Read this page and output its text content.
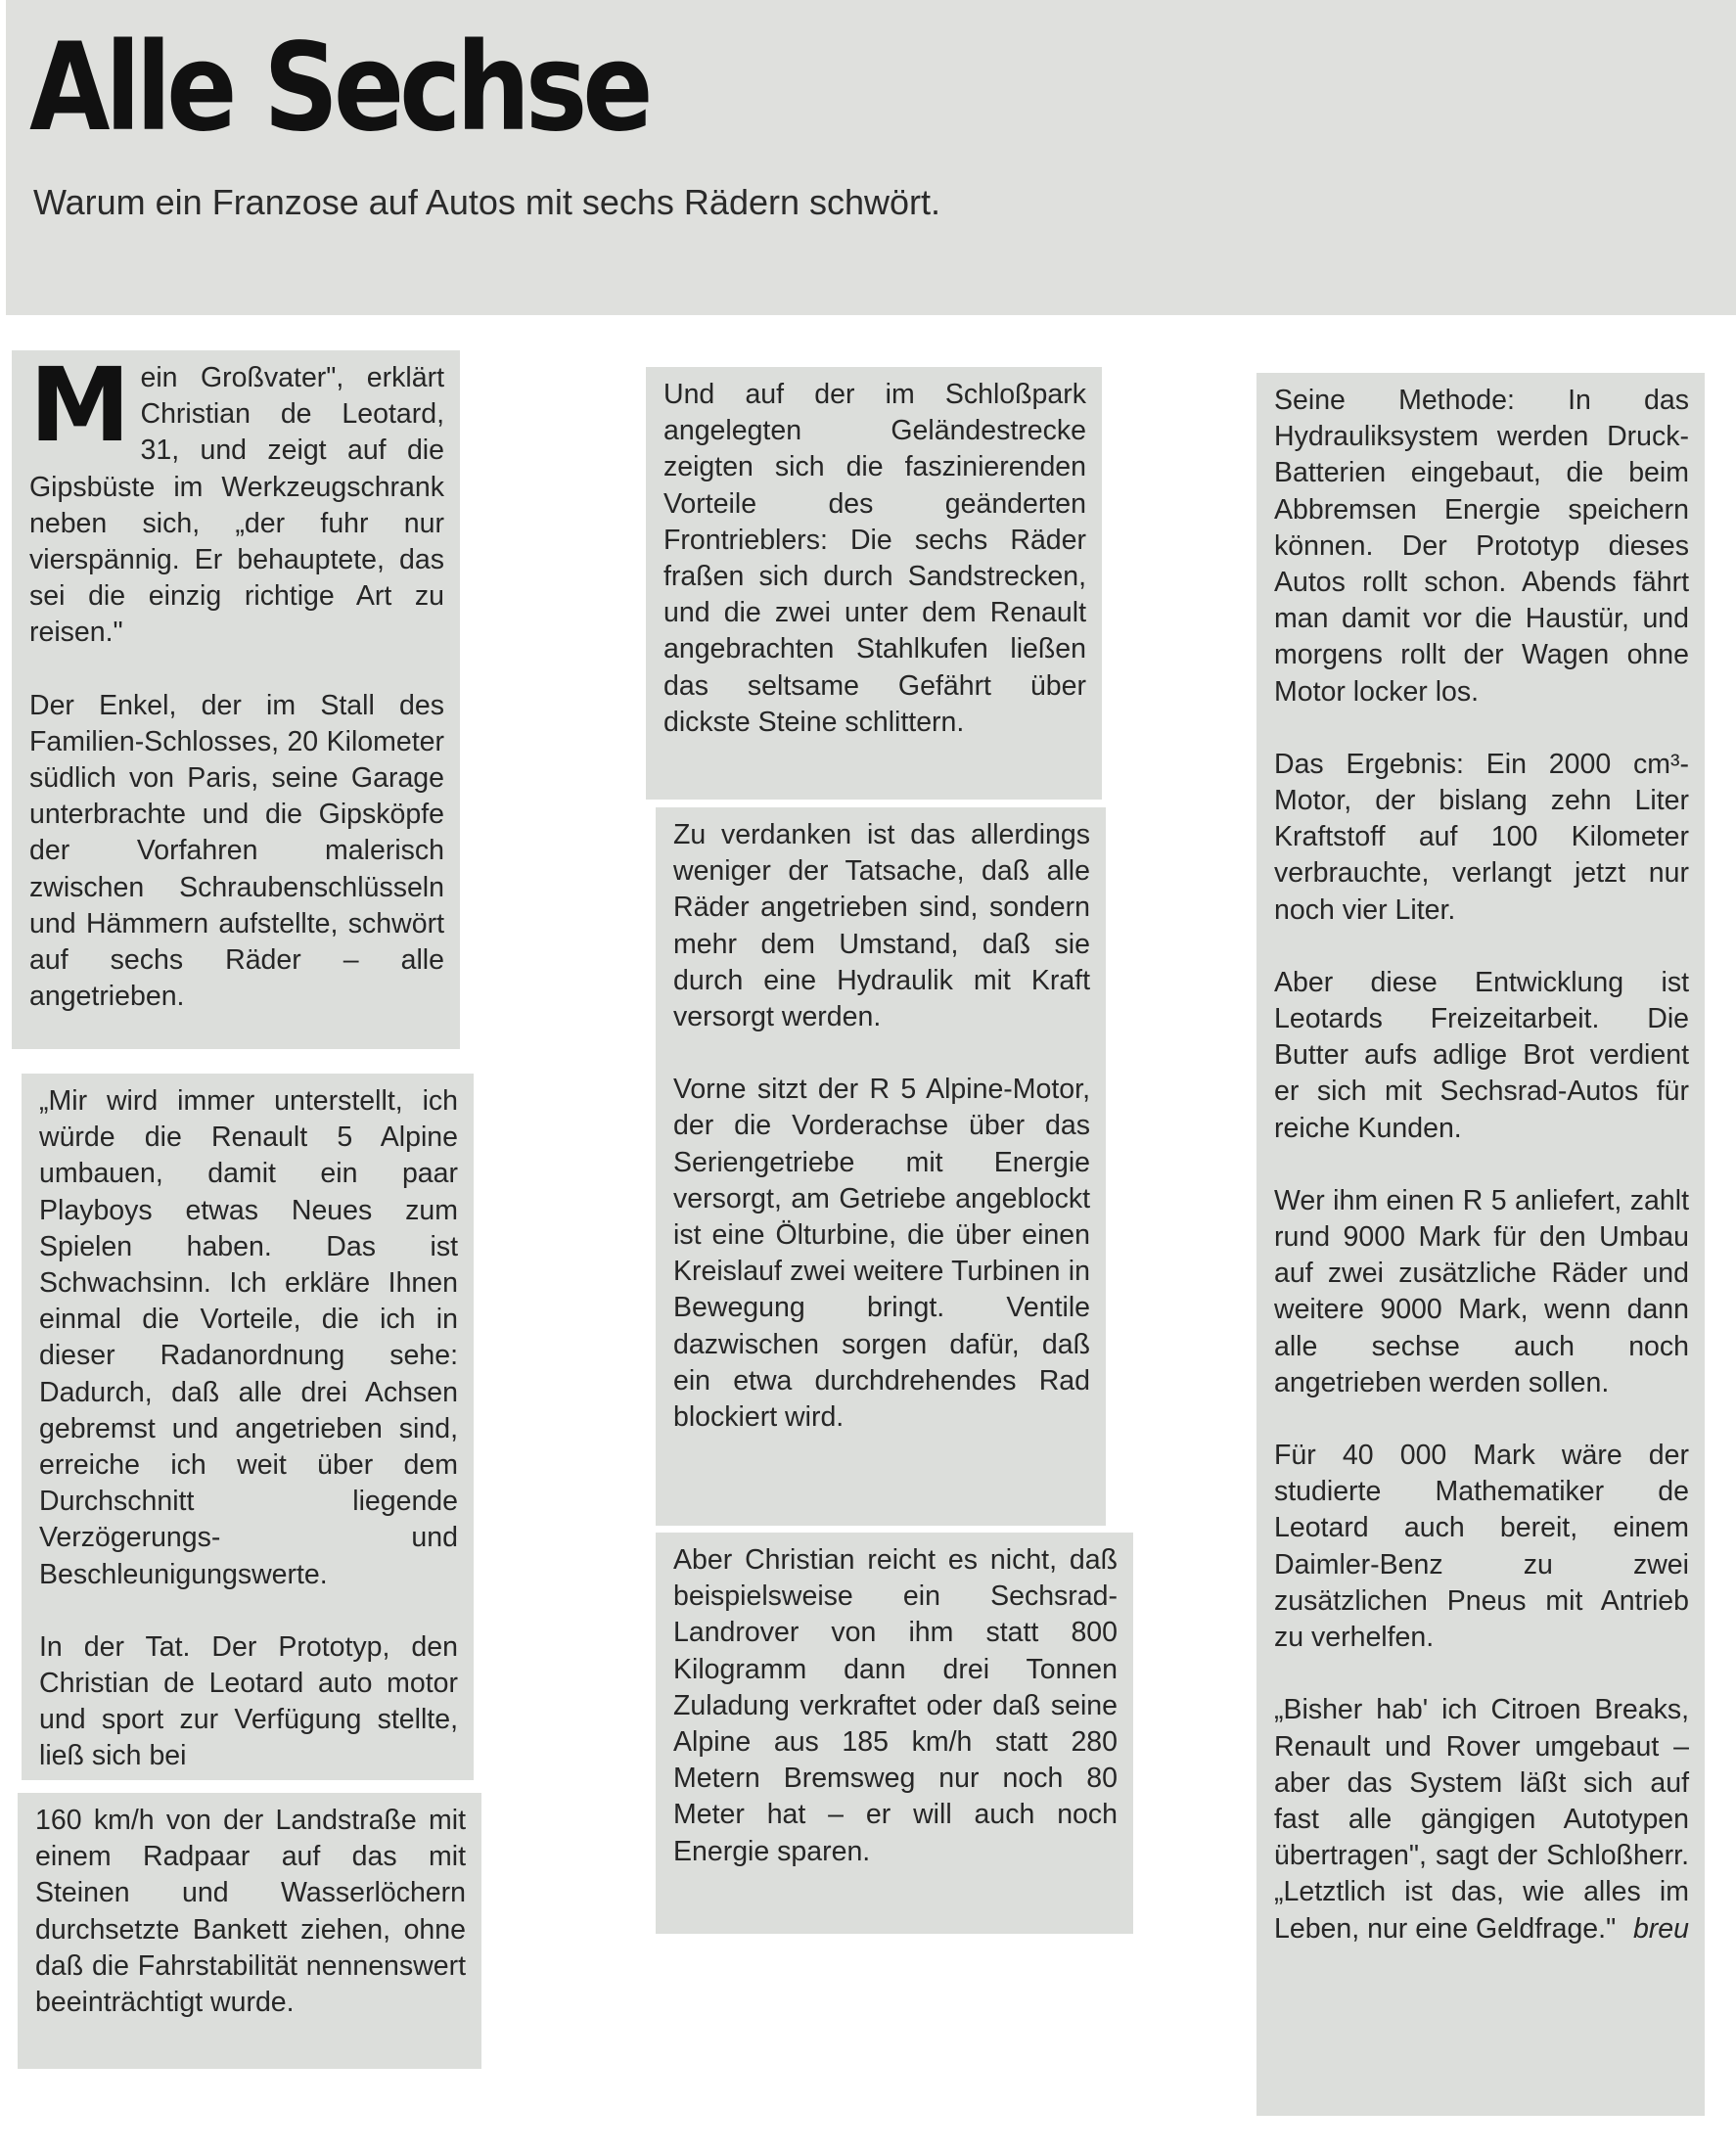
Alle Sechse

Warum ein Franzose auf Autos mit sechs Rädern schwört.

Mein Großvater", erklärt Christian de Leotard, 31, und zeigt auf die Gipsbüste im Werkzeugschrank neben sich, „der fuhr nur vierspännig. Er behauptete, das sei die einzig richtige Art zu reisen."

Der Enkel, der im Stall des Familien-Schlosses, 20 Kilometer südlich von Paris, seine Garage unterbrachte und die Gipsköpfe der Vorfahren malerisch zwischen Schraubenschlüsseln und Hämmern aufstellte, schwört auf sechs Räder – alle angetrieben.

„Mir wird immer unterstellt, ich würde die Renault 5 Alpine umbauen, damit ein paar Playboys etwas Neues zum Spielen haben. Das ist Schwachsinn. Ich erkläre Ihnen einmal die Vorteile, die ich in dieser Radanordnung sehe: Dadurch, daß alle drei Achsen gebremst und angetrieben sind, erreiche ich weit über dem Durchschnitt liegende Verzögerungs- und Beschleunigungswerte.

In der Tat. Der Prototyp, den Christian de Leotard auto motor und sport zur Verfügung stellte, ließ sich bei

160 km/h von der Landstraße mit einem Radpaar auf das mit Steinen und Wasserlöchern durchsetzte Bankett ziehen, ohne daß die Fahrstabilität nennenswert beeinträchtigt wurde.

Und auf der im Schloßpark angelegten Geländestrecke zeigten sich die faszinierenden Vorteile des geänderten Frontrieblers: Die sechs Räder fraßen sich durch Sandstrecken, und die zwei unter dem Renault angebrachten Stahlkufen ließen das seltsame Gefährt über dickste Steine schlittern.

Zu verdanken ist das allerdings weniger der Tatsache, daß alle Räder angetrieben sind, sondern mehr dem Umstand, daß sie durch eine Hydraulik mit Kraft versorgt werden.

Vorne sitzt der R 5 Alpine-Motor, der die Vorderachse über das Seriengetriebe mit Energie versorgt, am Getriebe angeblockt ist eine Ölturbine, die über einen Kreislauf zwei weitere Turbinen in Bewegung bringt. Ventile dazwischen sorgen dafür, daß ein etwa durchdrehendes Rad blockiert wird.

Aber Christian reicht es nicht, daß beispielsweise ein Sechsrad-Landrover von ihm statt 800 Kilogramm dann drei Tonnen Zuladung verkraftet oder daß seine Alpine aus 185 km/h statt 280 Metern Bremsweg nur noch 80 Meter hat – er will auch noch Energie sparen.

Seine Methode: In das Hydrauliksystem werden Druck-Batterien eingebaut, die beim Abbremsen Energie speichern können. Der Prototyp dieses Autos rollt schon. Abends fährt man damit vor die Haustür, und morgens rollt der Wagen ohne Motor locker los.

Das Ergebnis: Ein 2000 cm³-Motor, der bislang zehn Liter Kraftstoff auf 100 Kilometer verbrauchte, verlangt jetzt nur noch vier Liter.

Aber diese Entwicklung ist Leotards Freizeitarbeit. Die Butter aufs adlige Brot verdient er sich mit Sechsrad-Autos für reiche Kunden.

Wer ihm einen R 5 anliefert, zahlt rund 9000 Mark für den Umbau auf zwei zusätzliche Räder und weitere 9000 Mark, wenn dann alle sechse auch noch angetrieben werden sollen.

Für 40 000 Mark wäre der studierte Mathematiker de Leotard auch bereit, einem Daimler-Benz zu zwei zusätzlichen Pneus mit Antrieb zu verhelfen.

„Bisher hab' ich Citroen Breaks, Renault und Rover umgebaut – aber das System läßt sich auf fast alle gängigen Autotypen übertragen", sagt der Schloßherr. „Letztlich ist das, wie alles im Leben, nur eine Geldfrage." breu
